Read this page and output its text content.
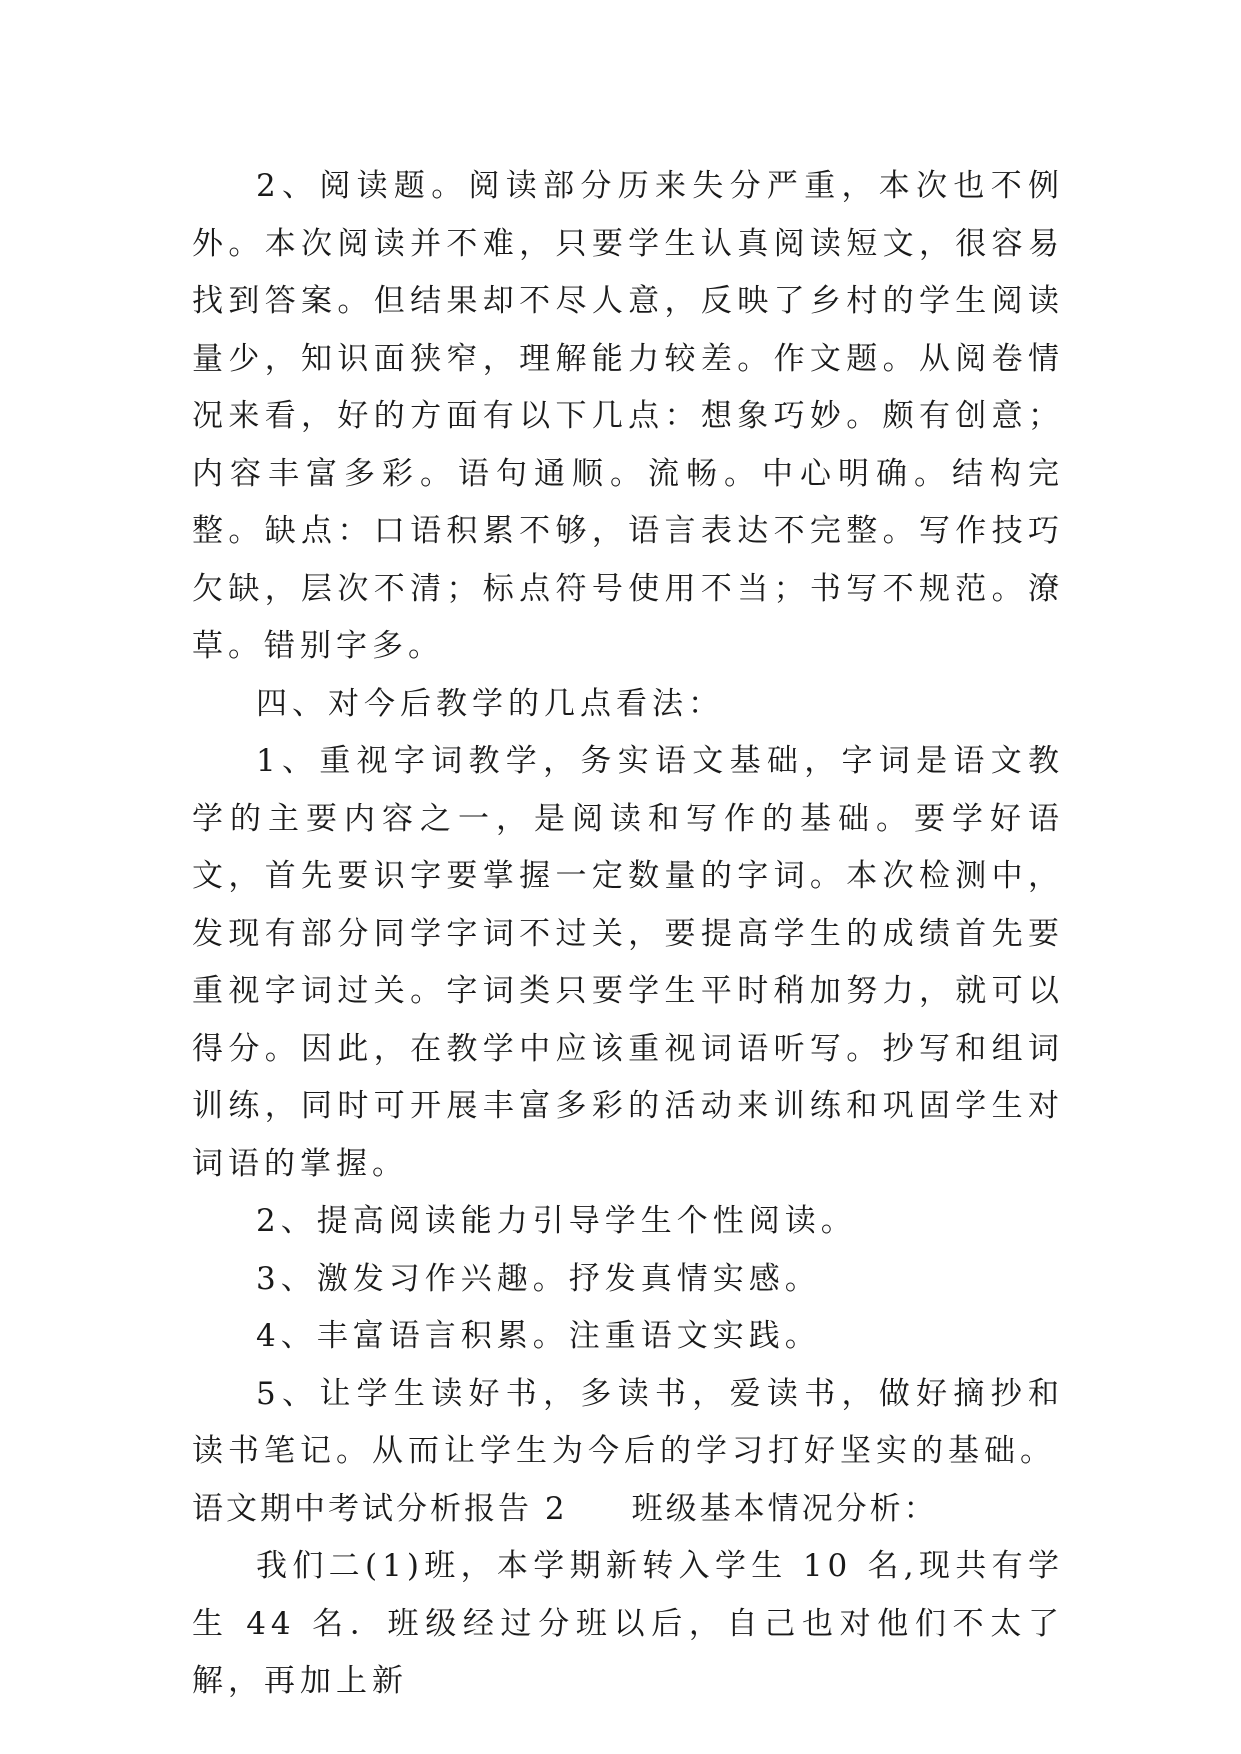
2、阅读题。阅读部分历来失分严重，本次也不例外。本次阅读并不难，只要学生认真阅读短文，很容易找到答案。但结果却不尽人意，反映了乡村的学生阅读量少，知识面狭窄，理解能力较差。作文题。从阅卷情况来看，好的方面有以下几点：想象巧妙。颇有创意；内容丰富多彩。语句通顺。流畅。中心明确。结构完整。缺点：口语积累不够，语言表达不完整。写作技巧欠缺，层次不清；标点符号使用不当；书写不规范。潦草。错别字多。

四、对今后教学的几点看法：

1、重视字词教学，务实语文基础，字词是语文教学的主要内容之一，是阅读和写作的基础。要学好语文，首先要识字要掌握一定数量的字词。本次检测中，发现有部分同学字词不过关，要提高学生的成绩首先要重视字词过关。字词类只要学生平时稍加努力，就可以得分。因此，在教学中应该重视词语听写。抄写和组词训练，同时可开展丰富多彩的活动来训练和巩固学生对词语的掌握。

2、提高阅读能力引导学生个性阅读。

3、激发习作兴趣。抒发真情实感。

4、丰富语言积累。注重语文实践。

5、让学生读好书，多读书，爱读书，做好摘抄和读书笔记。从而让学生为今后的学习打好坚实的基础。

语文期中考试分析报告 2 班级基本情况分析：

我们二(1)班，本学期新转入学生 10 名,现共有学生 44 名．班级经过分班以后，自己也对他们不太了解，再加上新
